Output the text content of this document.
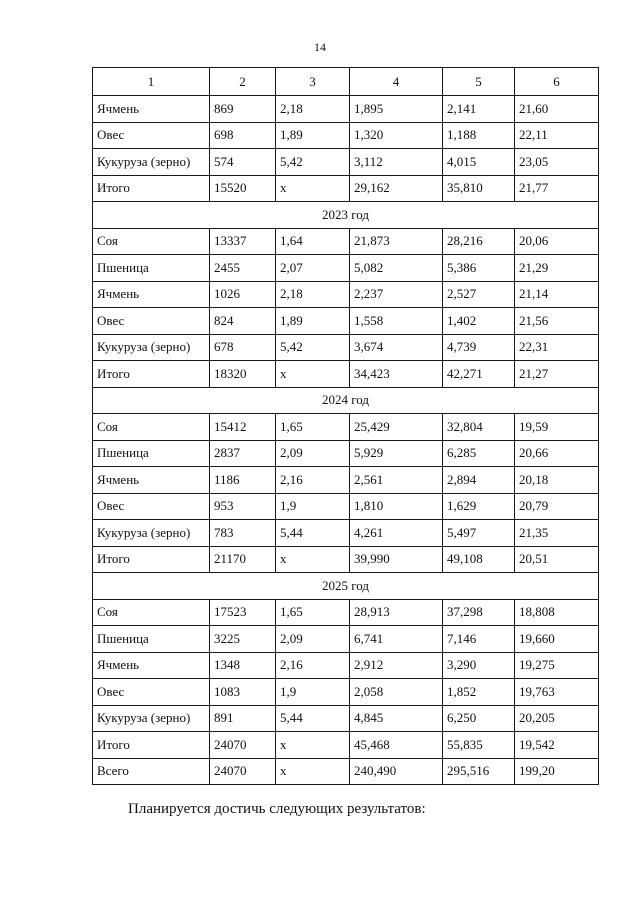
14
1	2	3	4	5	6
Ячмень	869	2,18	1,895	2,141	21,60
Овес	698	1,89	1,320	1,188	22,11
Кукуруза (зерно)	574	5,42	3,112	4,015	23,05
Итого	15520	х	29,162	35,810	21,77
2023 год					
Соя	13337	1,64	21,873	28,216	20,06
Пшеница	2455	2,07	5,082	5,386	21,29
Ячмень	1026	2,18	2,237	2,527	21,14
Овес	824	1,89	1,558	1,402	21,56
Кукуруза (зерно)	678	5,42	3,674	4,739	22,31
Итого	18320	х	34,423	42,271	21,27
2024 год					
Соя	15412	1,65	25,429	32,804	19,59
Пшеница	2837	2,09	5,929	6,285	20,66
Ячмень	1186	2,16	2,561	2,894	20,18
Овес	953	1,9	1,810	1,629	20,79
Кукуруза (зерно)	783	5,44	4,261	5,497	21,35
Итого	21170	х	39,990	49,108	20,51
2025 год					
Соя	17523	1,65	28,913	37,298	18,808
Пшеница	3225	2,09	6,741	7,146	19,660
Ячмень	1348	2,16	2,912	3,290	19,275
Овес	1083	1,9	2,058	1,852	19,763
Кукуруза (зерно)	891	5,44	4,845	6,250	20,205
Итого	24070	х	45,468	55,835	19,542
Всего	24070	х	240,490	295,516	199,20
Планируется достичь следующих результатов:
